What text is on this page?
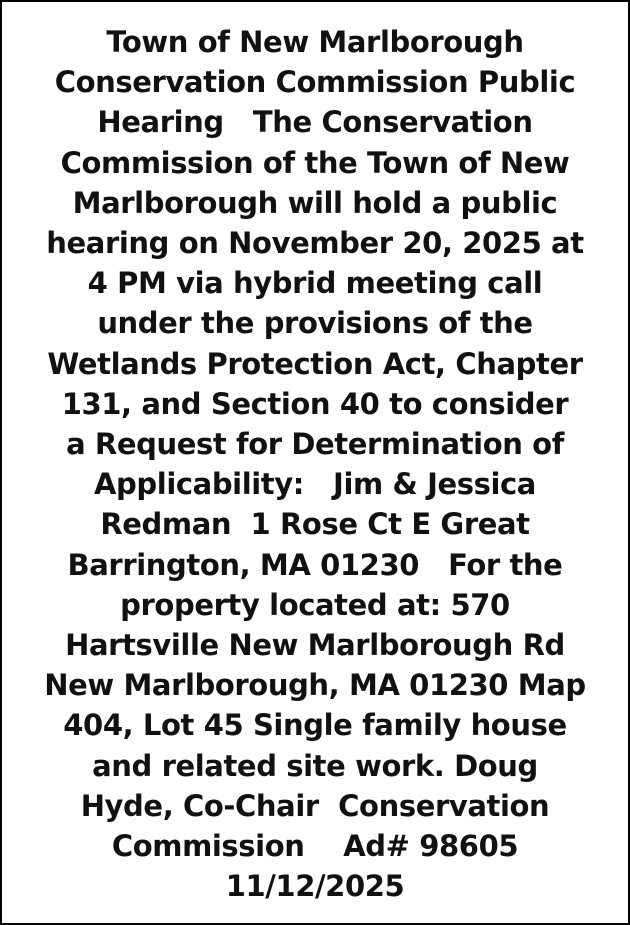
Town of New Marlborough
Conservation Commission Public
Hearing   The Conservation
Commission of the Town of New
Marlborough will hold a public
hearing on November 20, 2025 at
4 PM via hybrid meeting call
under the provisions of the
Wetlands Protection Act, Chapter
131, and Section 40 to consider
a Request for Determination of
Applicability:   Jim & Jessica
Redman  1 Rose Ct E Great
Barrington, MA 01230   For the
property located at: 570
Hartsville New Marlborough Rd
New Marlborough, MA 01230 Map
404, Lot 45 Single family house
and related site work. Doug
Hyde, Co-Chair  Conservation
Commission    Ad# 98605
11/12/2025
